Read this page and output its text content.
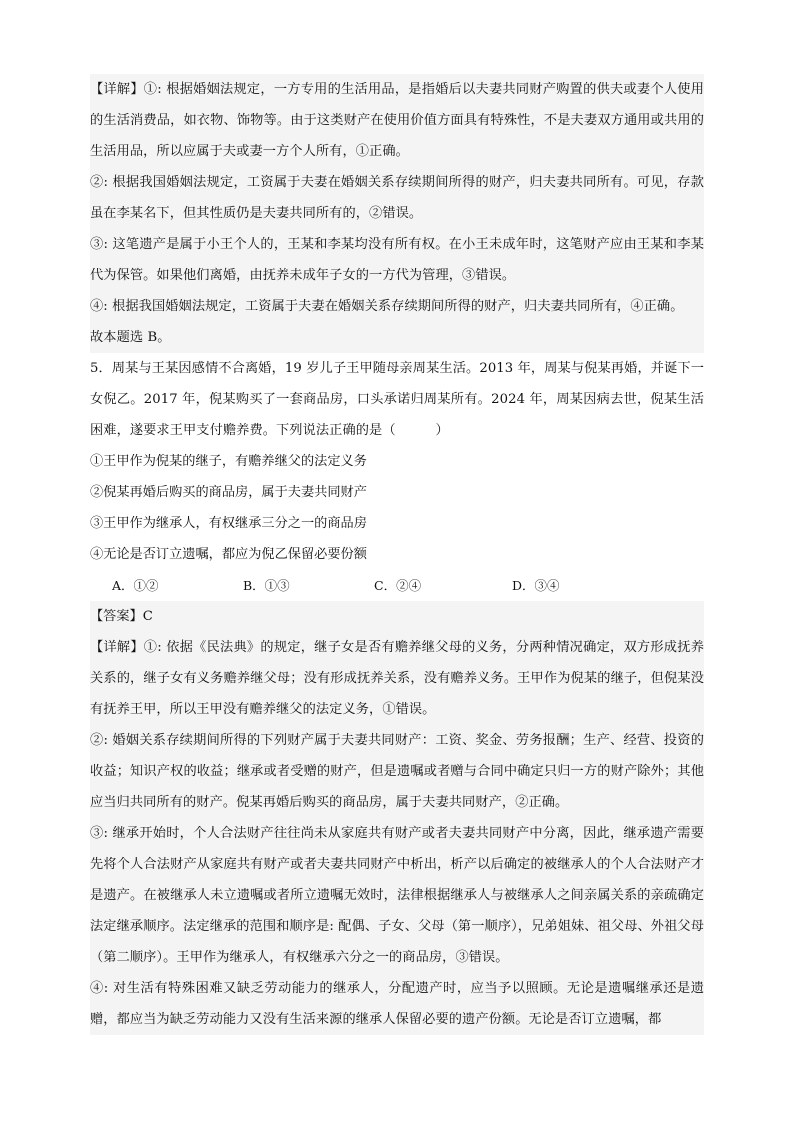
【详解】①: 根据婚姻法规定，一方专用的生活用品，是指婚后以夫妻共同财产购置的供夫或妻个人使用的生活消费品，如衣物、饰物等。由于这类财产在使用价值方面具有特殊性，不是夫妻双方通用或共用的生活用品，所以应属于夫或妻一方个人所有，①正确。

②: 根据我国婚姻法规定，工资属于夫妻在婚姻关系存续期间所得的财产，归夫妻共同所有。可见，存款虽在李某名下，但其性质仍是夫妻共同所有的，②错误。

③: 这笔遗产是属于小王个人的，王某和李某均没有所有权。在小王未成年时，这笔财产应由王某和李某代为保管。如果他们离婚，由抚养未成年子女的一方代为管理，③错误。

④: 根据我国婚姻法规定，工资属于夫妻在婚姻关系存续期间所得的财产，归夫妻共同所有，④正确。

故本题选 B。

5．周某与王某因感情不合离婚，19 岁儿子王甲随母亲周某生活。2013 年，周某与倪某再婚，并诞下一女倪乙。2017 年，倪某购买了一套商品房，口头承诺归周某所有。2024 年，周某因病去世，倪某生活困难，遂要求王甲支付赡养费。下列说法正确的是（　　　）

①王甲作为倪某的继子，有赡养继父的法定义务

②倪某再婚后购买的商品房，属于夫妻共同财产

③王甲作为继承人，有权继承三分之一的商品房

④无论是否订立遗嘱，都应为倪乙保留必要份额

A．①②	B．①③	C．②④	D．③④

【答案】C

【详解】①: 依据《民法典》的规定，继子女是否有赡养继父母的义务，分两种情况确定，双方形成抚养关系的，继子女有义务赡养继父母；没有形成抚养关系，没有赡养义务。王甲作为倪某的继子，但倪某没有抚养王甲，所以王甲没有赡养继父的法定义务，①错误。

②: 婚姻关系存续期间所得的下列财产属于夫妻共同财产：工资、奖金、劳务报酬；生产、经营、投资的收益；知识产权的收益；继承或者受赠的财产，但是遗嘱或者赠与合同中确定只归一方的财产除外；其他应当归共同所有的财产。倪某再婚后购买的商品房，属于夫妻共同财产，②正确。

③: 继承开始时，个人合法财产往往尚未从家庭共有财产或者夫妻共同财产中分离，因此，继承遗产需要先将个人合法财产从家庭共有财产或者夫妻共同财产中析出，析产以后确定的被继承人的个人合法财产才是遗产。在被继承人未立遗嘱或者所立遗嘱无效时，法律根据继承人与被继承人之间亲属关系的亲疏确定法定继承顺序。法定继承的范围和顺序是: 配偶、子女、父母（第一顺序），兄弟姐妹、祖父母、外祖父母（第二顺序）。王甲作为继承人，有权继承六分之一的商品房，③错误。

④: 对生活有特殊困难又缺乏劳动能力的继承人，分配遗产时，应当予以照顾。无论是遗嘱继承还是遗赠，都应当为缺乏劳动能力又没有生活来源的继承人保留必要的遗产份额。无论是否订立遗嘱，都
